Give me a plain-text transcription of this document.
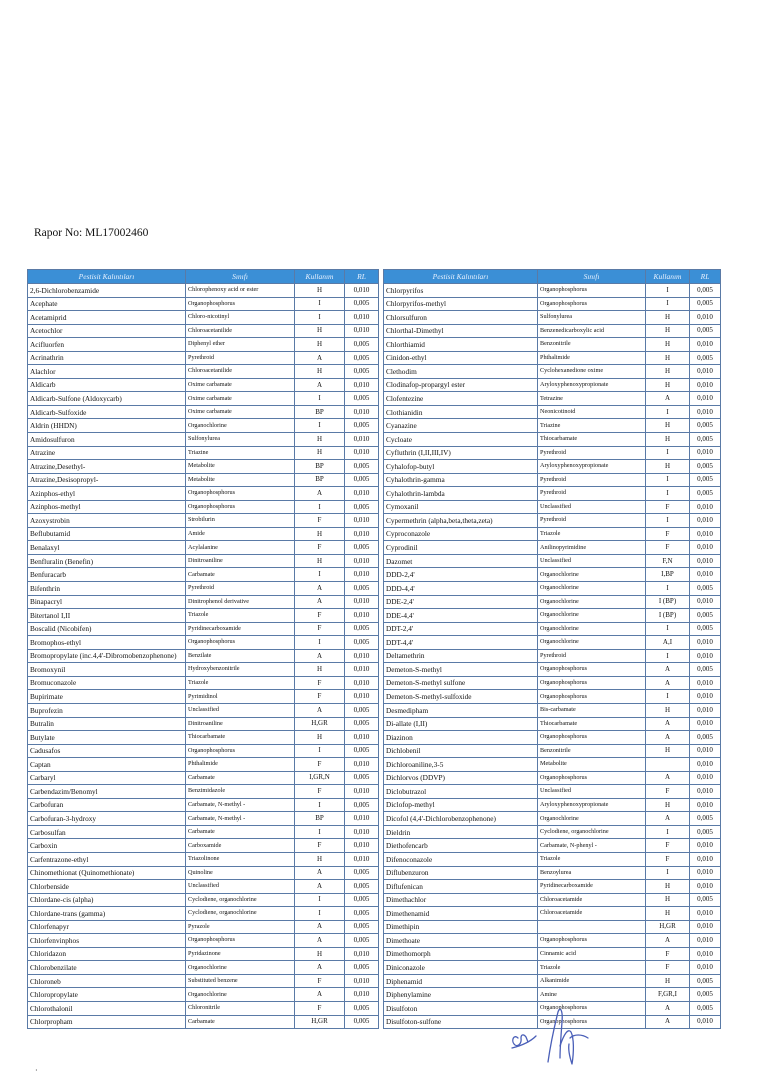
Rapor No: ML17002460
Pestisit Kalıntıları	Sınıfı	Kullanım	RL
2,6-Dichlorobenzamide	Chlorophenoxy acid or ester	H	0,010
Acephate	Organophosphorus	I	0,005
Acetamiprid	Chloro-nicotinyl	I	0,010
Acetochlor	Chloroacetanilide	H	0,010
Acifluorfen	Diphenyl ether	H	0,005
Acrinathrin	Pyrethroid	A	0,005
Alachlor	Chloroacetanilide	H	0,005
Aldicarb	Oxime carbamate	A	0,010
Aldicarb-Sulfone (Aldoxycarb)	Oxime carbamate	I	0,005
Aldicarb-Sulfoxide	Oxime carbamate	BP	0,010
Aldrin (HHDN)	Organochlorine	I	0,005
Amidosulfuron	Sulfonylurea	H	0,010
Atrazine	Triazine	H	0,010
Atrazine,Desethyl-	Metabolite	BP	0,005
Atrazine,Desisopropyl-	Metabolite	BP	0,005
Azinphos-ethyl	Organophosphorus	A	0,010
Azinphos-methyl	Organophosphorus	I	0,005
Azoxystrobin	Strobilurin	F	0,010
Beflubutamid	Amide	H	0,010
Benalaxyl	Acylalanine	F	0,005
Benfluralin (Benefin)	Dinitroaniline	H	0,010
Benfuracarb	Carbamate	I	0,010
Bifenthrin	Pyrethroid	A	0,005
Binapacryl	Dinitrophenol derivative	A	0,010
Bitertanol I,II	Triazole	F	0,010
Boscalid (Nicobifen)	Pyridinecarboxamide	F	0,005
Bromophos-ethyl	Organophosphorus	I	0,005
Bromopropylate (inc.4,4'-Dibromobenzophenone)	Benzilate	A	0,010
Bromoxynil	Hydroxybenzonitrile	H	0,010
Bromuconazole	Triazole	F	0,010
Bupirimate	Pyrimidinol	F	0,010
Buprofezin	Unclassified	A	0,005
Butralin	Dinitroaniline	H,GR	0,005
Butylate	Thiocarbamate	H	0,010
Cadusafos	Organophosphorus	I	0,005
Captan	Phthalimide	F	0,010
Carbaryl	Carbamate	I,GR,N	0,005
Carbendazim/Benomyl	Benzimidazole	F	0,010
Carbofuran	Carbamate, N-methyl -	I	0,005
Carbofuran-3-hydroxy	Carbamate, N-methyl -	BP	0,010
Carbosulfan	Carbamate	I	0,010
Carboxin	Carboxamide	F	0,010
Carfentrazone-ethyl	Triazolinone	H	0,010
Chinomethionat (Quinomethionate)	Quinoline	A	0,005
Chlorbenside	Unclassified	A	0,005
Chlordane-cis (alpha)	Cyclodiene, organochlorine	I	0,005
Chlordane-trans (gamma)	Cyclodiene, organochlorine	I	0,005
Chlorfenapyr	Pyrazole	A	0,005
Chlorfenvinphos	Organophosphorus	A	0,005
Chloridazon	Pyridazinone	H	0,010
Chlorobenzilate	Organochlorine	A	0,005
Chloroneb	Substituted benzene	F	0,010
Chloropropylate	Organochlorine	A	0,010
Chlorothalonil	Chloronitrile	F	0,005
Chlorpropham	Carbamate	H,GR	0,005
Pestisit Kalıntıları	Sınıfı	Kullanım	RL
Chlorpyrifos	Organophosphorus	I	0,005
Chlorpyrifos-methyl	Organophosphorus	I	0,005
Chlorsulfuron	Sulfonylurea	H	0,010
Chlorthal-Dimethyl	Benzenedicarboxylic acid	H	0,005
Chlorthiamid	Benzonitrile	H	0,010
Cinidon-ethyl	Phthalimide	H	0,005
Clethodim	Cyclohexanedione oxime	H	0,010
Clodinafop-propargyl ester	Aryloxyphenoxypropionate	H	0,010
Clofentezine	Tetrazine	A	0,010
Clothianidin	Neonicotinoid	I	0,010
Cyanazine	Triazine	H	0,005
Cycloate	Thiocarbamate	H	0,005
Cyfluthrin (I,II,III,IV)	Pyrethroid	I	0,010
Cyhalofop-butyl	Aryloxyphenoxypropionate	H	0,005
Cyhalothrin-gamma	Pyrethroid	I	0,005
Cyhalothrin-lambda	Pyrethroid	I	0,005
Cymoxanil	Unclassified	F	0,010
Cypermethrin (alpha,beta,theta,zeta)	Pyrethroid	I	0,010
Cyproconazole	Triazole	F	0,010
Cyprodinil	Anilinopyrimidine	F	0,010
Dazomet	Unclassified	F,N	0,010
DDD-2,4'	Organochlorine	I,BP	0,010
DDD-4,4'	Organochlorine	I	0,005
DDE-2,4'	Organochlorine	I (BP)	0,010
DDE-4,4'	Organochlorine	I (BP)	0,005
DDT-2,4'	Organochlorine	I	0,005
DDT-4,4'	Organochlorine	A,I	0,010
Deltamethrin	Pyrethroid	I	0,010
Demeton-S-methyl	Organophosphorus	A	0,005
Demeton-S-methyl sulfone	Organophosphorus	A	0,010
Demeton-S-methyl-sulfoxide	Organophosphorus	I	0,010
Desmedipham	Bis-carbamate	H	0,010
Di-allate (I,II)	Thiocarbamate	A	0,010
Diazinon	Organophosphorus	A	0,005
Dichlobenil	Benzonitrile	H	0,010
Dichloroaniline,3-5	Metabolite		0,010
Dichlorvos (DDVP)	Organophosphorus	A	0,010
Diclobutrazol	Unclassified	F	0,010
Diclofop-methyl	Aryloxyphenoxypropionate	H	0,010
Dicofol (4,4'-Dichlorobenzophenone)	Organochlorine	A	0,005
Dieldrin	Cyclodiene, organochlorine	I	0,005
Diethofencarb	Carbamate, N-phenyl -	F	0,010
Difenoconazole	Triazole	F	0,010
Diflubenzuron	Benzoylurea	I	0,010
Diflufenican	Pyridinecarboxamide	H	0,010
Dimethachlor	Chloroacetamide	H	0,005
Dimethenamid	Chloroacetamide	H	0,010
Dimethipin		H,GR	0,010
Dimethoate	Organophosphorus	A	0,010
Dimethomorph	Cinnamic acid	F	0,010
Diniconazole	Triazole	F	0,010
Diphenamid	Alkanimide	H	0,005
Diphenylamine	Amine	F,GR,I	0,005
Disulfoton	Organophosphorus	A	0,005
Disulfoton-sulfone	Organophosphorus	A	0,010
·
